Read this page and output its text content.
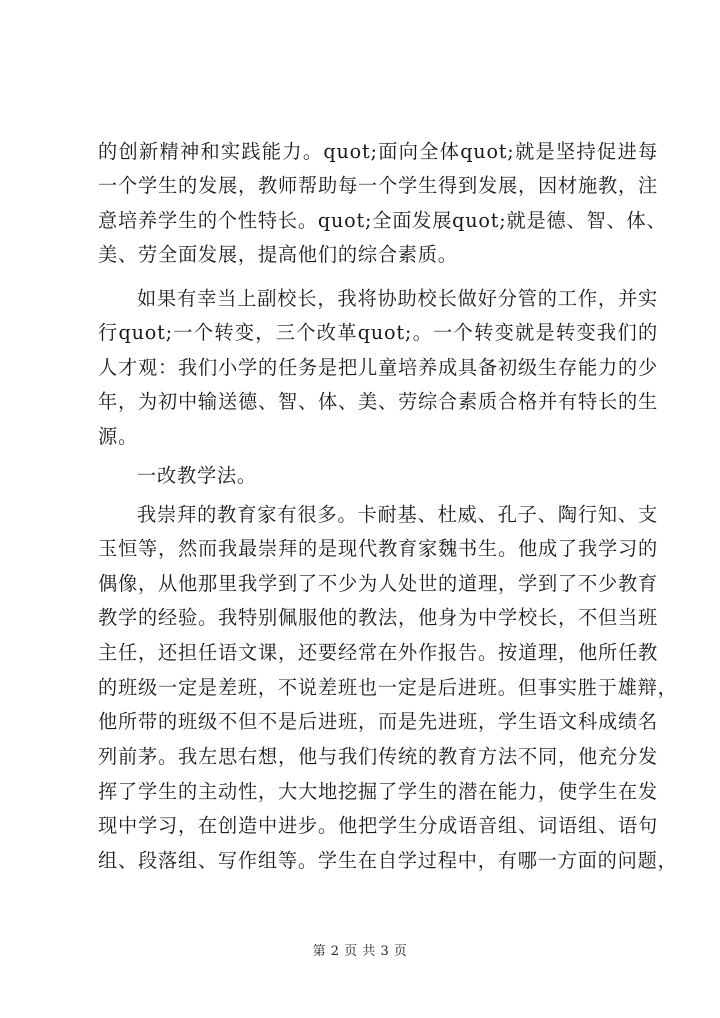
的创新精神和实践能力。quot;面向全体quot;就是坚持促进每
一个学生的发展，教师帮助每一个学生得到发展，因材施教，注
意培养学生的个性特长。quot;全面发展quot;就是德、智、体、
美、劳全面发展，提高他们的综合素质。
如果有幸当上副校长，我将协助校长做好分管的工作，并实
行quot;一个转变，三个改革quot;。一个转变就是转变我们的
人才观：我们小学的任务是把儿童培养成具备初级生存能力的少
年，为初中输送德、智、体、美、劳综合素质合格并有特长的生
源。
一改教学法。
我崇拜的教育家有很多。卡耐基、杜威、孔子、陶行知、支
玉恒等，然而我最崇拜的是现代教育家魏书生。他成了我学习的
偶像，从他那里我学到了不少为人处世的道理，学到了不少教育
教学的经验。我特别佩服他的教法，他身为中学校长，不但当班
主任，还担任语文课，还要经常在外作报告。按道理，他所任教
的班级一定是差班，不说差班也一定是后进班。但事实胜于雄辩，
他所带的班级不但不是后进班，而是先进班，学生语文科成绩名
列前茅。我左思右想，他与我们传统的教育方法不同，他充分发
挥了学生的主动性，大大地挖掘了学生的潜在能力，使学生在发
现中学习，在创造中进步。他把学生分成语音组、词语组、语句
组、段落组、写作组等。学生在自学过程中，有哪一方面的问题，
第 2 页 共 3 页
